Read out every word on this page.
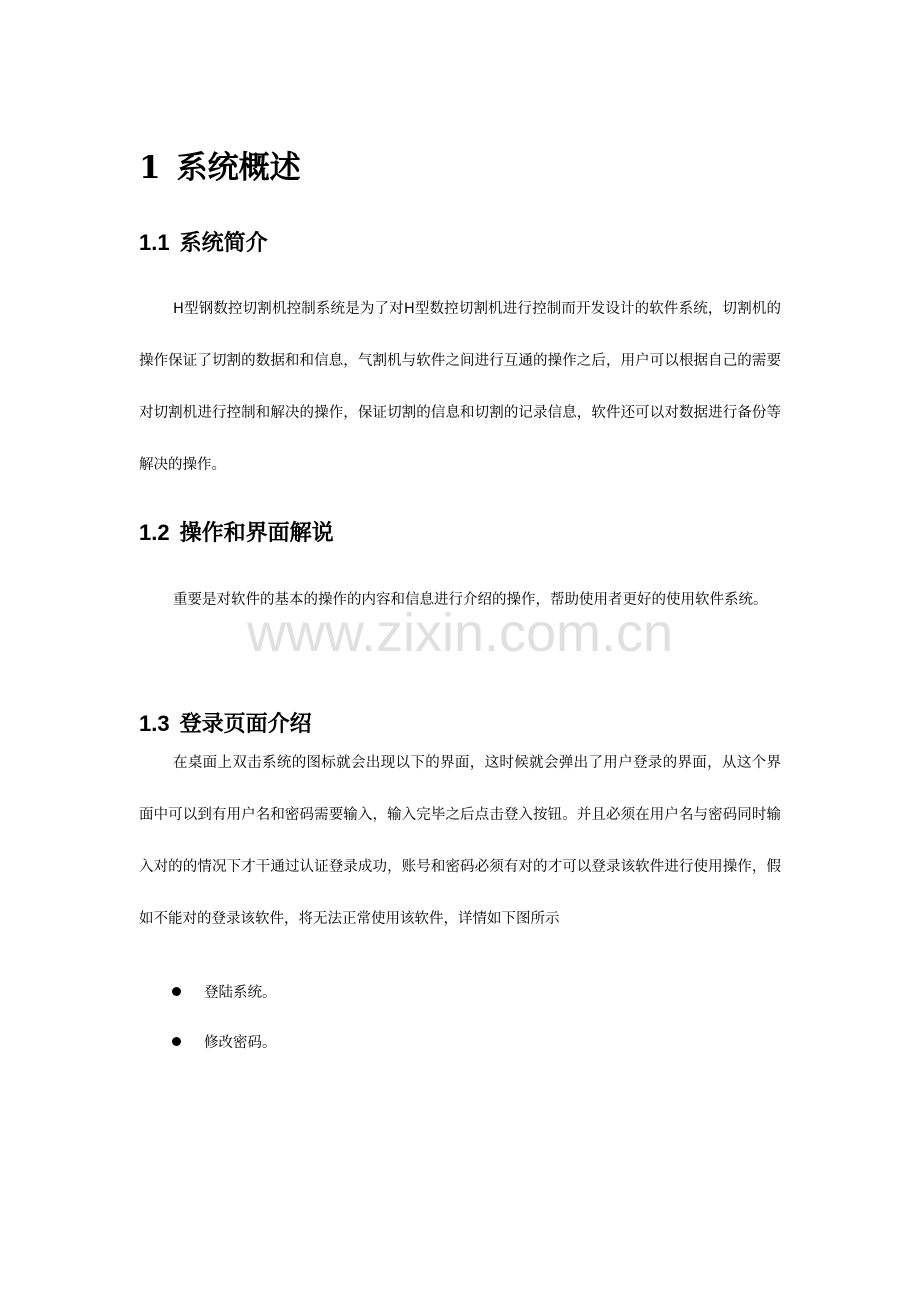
1 系统概述
1.1 系统简介
H型钢数控切割机控制系统是为了对H型数控切割机进行控制而开发设计的软件系统，切割机的操作保证了切割的数据和和信息，气割机与软件之间进行互通的操作之后，用户可以根据自己的需要对切割机进行控制和解决的操作，保证切割的信息和切割的记录信息，软件还可以对数据进行备份等解决的操作。
1.2 操作和界面解说
重要是对软件的基本的操作的内容和信息进行介绍的操作，帮助使用者更好的使用软件系统。
1.3 登录页面介绍
在桌面上双击系统的图标就会出现以下的界面，这时候就会弹出了用户登录的界面，从这个界面中可以到有用户名和密码需要输入，输入完毕之后点击登入按钮。并且必须在用户名与密码同时输入对的的情况下才干通过认证登录成功，账号和密码必须有对的才可以登录该软件进行使用操作，假如不能对的登录该软件，将无法正常使用该软件，详情如下图所示
登陆系统。
修改密码。
www.zixin.com.cn
